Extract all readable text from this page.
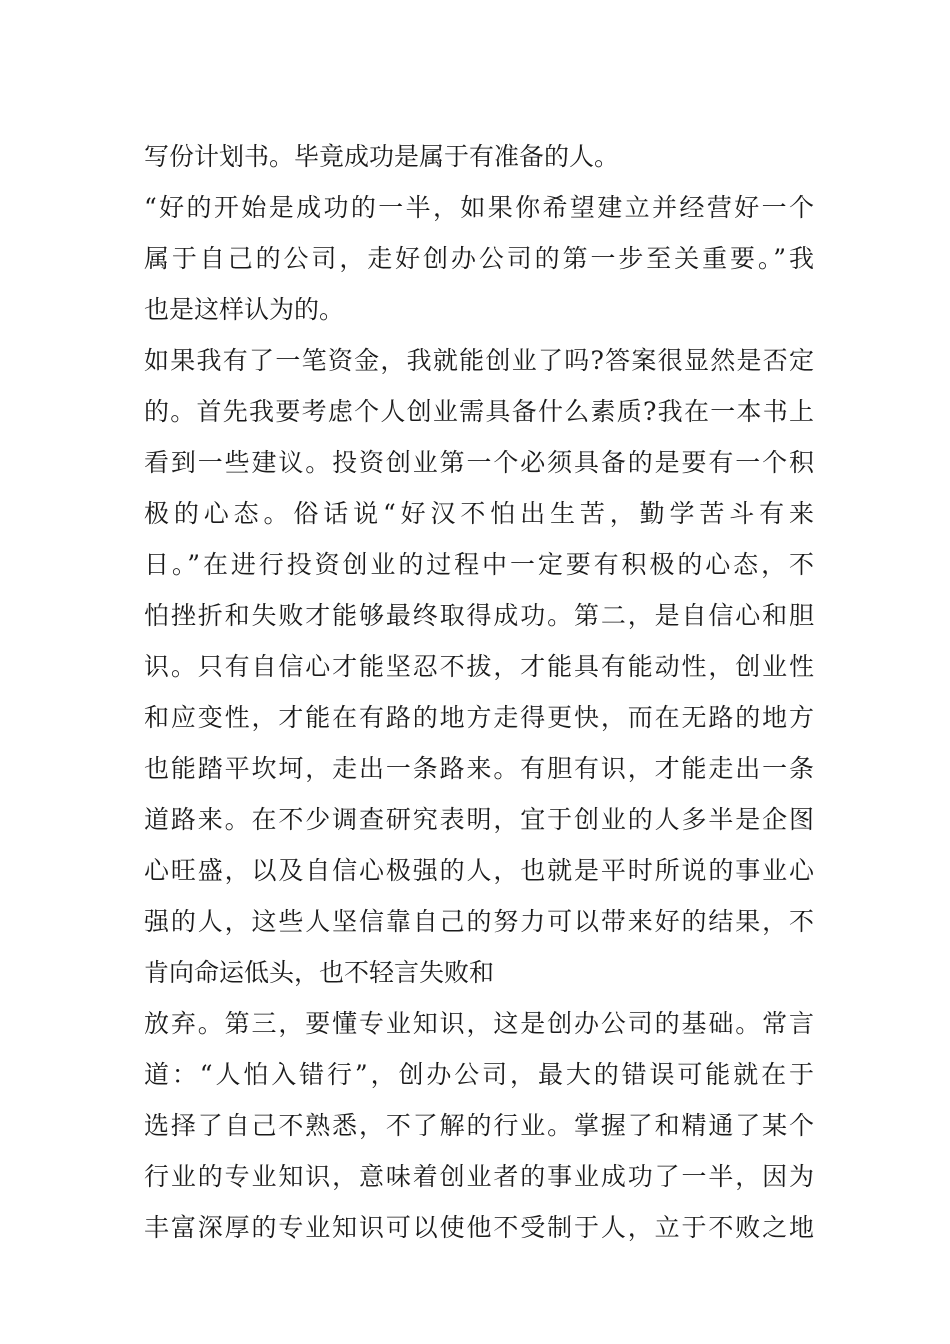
写份计划书。毕竟成功是属于有准备的人。
“好的开始是成功的一半，如果你希望建立并经营好一个
属于自己的公司，走好创办公司的第一步至关重要。”我
也是这样认为的。
如果我有了一笔资金，我就能创业了吗?答案很显然是否定
的。首先我要考虑个人创业需具备什么素质?我在一本书上
看到一些建议。投资创业第一个必须具备的是要有一个积
极的心态。俗话说“好汉不怕出生苦，勤学苦斗有来
日。”在进行投资创业的过程中一定要有积极的心态，不
怕挫折和失败才能够最终取得成功。第二，是自信心和胆
识。只有自信心才能坚忍不拔，才能具有能动性，创业性
和应变性，才能在有路的地方走得更快，而在无路的地方
也能踏平坎坷，走出一条路来。有胆有识，才能走出一条
道路来。在不少调查研究表明，宜于创业的人多半是企图
心旺盛，以及自信心极强的人，也就是平时所说的事业心
强的人，这些人坚信靠自己的努力可以带来好的结果，不
肯向命运低头，也不轻言失败和
放弃。第三，要懂专业知识，这是创办公司的基础。常言
道：“人怕入错行”，创办公司，最大的错误可能就在于
选择了自己不熟悉，不了解的行业。掌握了和精通了某个
行业的专业知识，意味着创业者的事业成功了一半，因为
丰富深厚的专业知识可以使他不受制于人，立于不败之地
